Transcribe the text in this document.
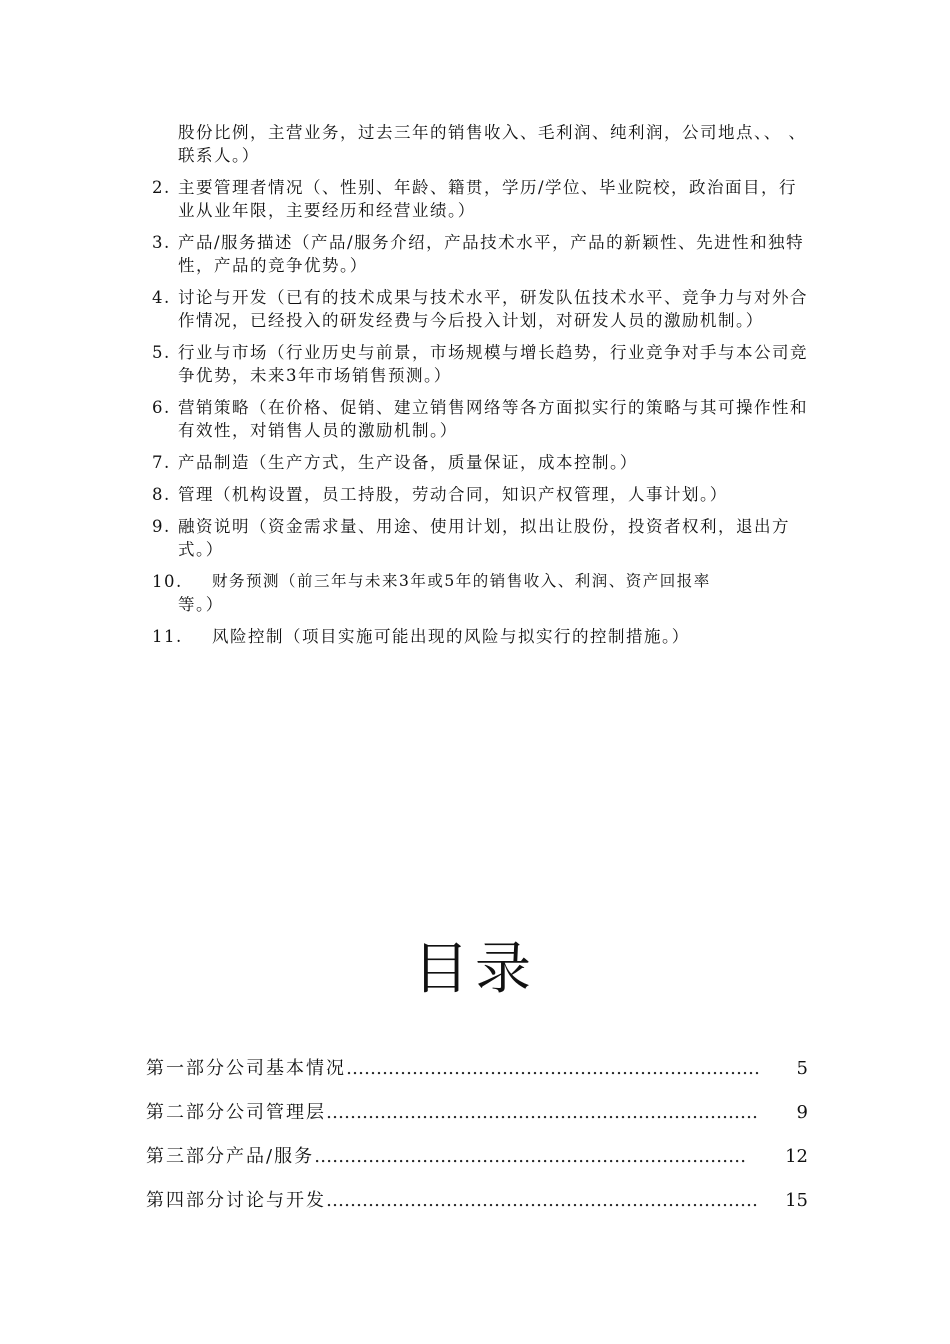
股份比例，主营业务，过去三年的销售收入、毛利润、纯利润，公司地点、、 、联系人。）

2. 主要管理者情况（、性别、年龄、籍贯，学历/学位、毕业院校，政治面目，行业从业年限，主要经历和经营业绩。）
3. 产品/服务描述（产品/服务介绍，产品技术水平，产品的新颖性、先进性和独特性，产品的竞争优势。）
4. 讨论与开发（已有的技术成果与技术水平，研发队伍技术水平、竞争力与对外合作情况，已经投入的研发经费与今后投入计划，对研发人员的激励机制。）
5. 行业与市场（行业历史与前景，市场规模与增长趋势，行业竞争对手与本公司竞争优势，未来3年市场销售预测。）
6. 营销策略（在价格、促销、建立销售网络等各方面拟实行的策略与其可操作性和有效性，对销售人员的激励机制。）
7. 产品制造（生产方式，生产设备，质量保证，成本控制。）
8. 管理（机构设置，员工持股，劳动合同，知识产权管理，人事计划。）
9. 融资说明（资金需求量、用途、使用计划，拟出让股份，投资者权利，退出方式。）
10.	财务预测（前三年与未来3年或5年的销售收入、利润、资产回报率
等。）
11.	风险控制（项目实施可能出现的风险与拟实行的控制措施。）
目录
第一部分公司基本情况 ……………………………………………………………	5
第二部分公司管理层 ………………………………………………………………	9
第三部分产品/服务 ………………………………………………………………	12
第四部分讨论与开发 ………………………………………………………………	15
